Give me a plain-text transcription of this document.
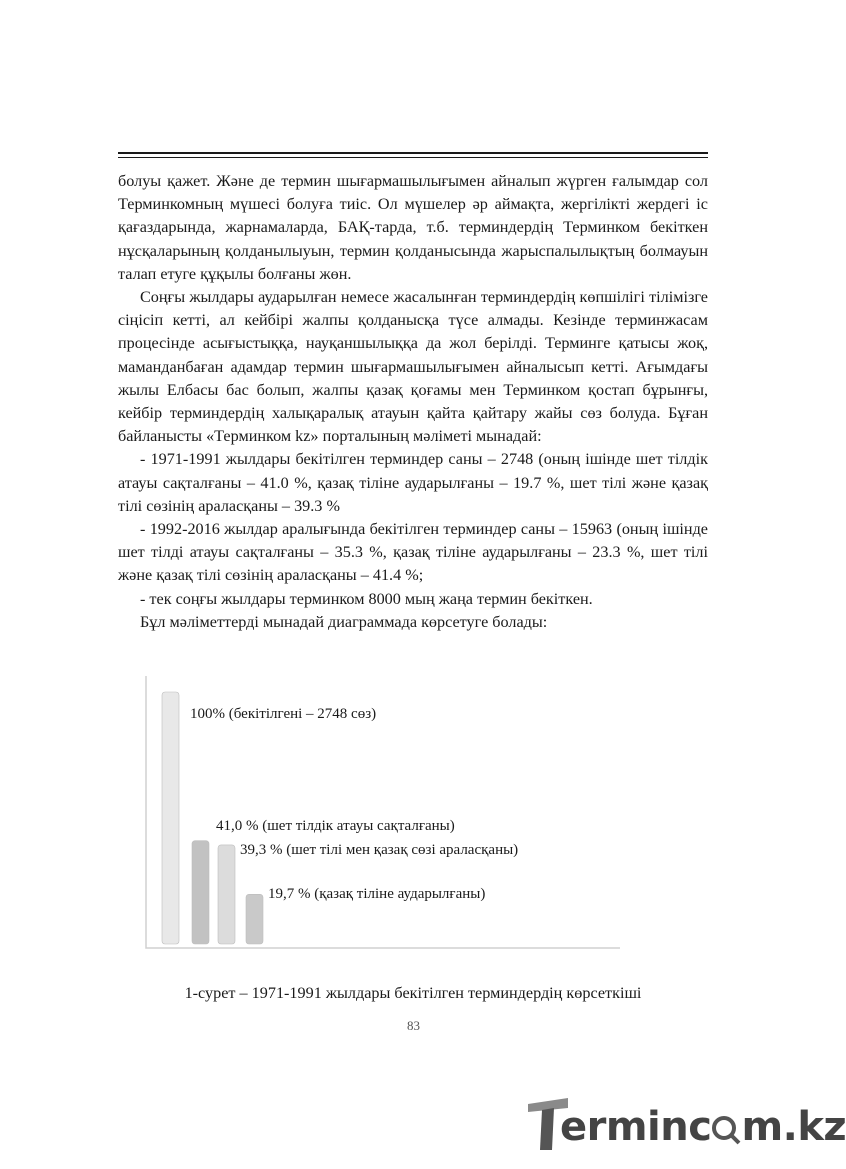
болуы қажет. Және де термин шығармашылығымен айналып жүрген ғалымдар сол Терминкомның мүшесі болуға тиіс. Ол мүшелер әр аймақта, жергілікті жердегі іс қағаздарында, жарнамаларда, БАҚ-тарда, т.б. терминдердің Терминком бекіткен нұсқаларының қолданылыуын, термин қолданысында жарыспалылықтың болмауын талап етуге құқылы болғаны жөн.

Соңғы жылдары аударылған немесе жасалынған терминдердің көпшілігі тілімізге сіңісіп кетті, ал кейбірі жалпы қолданысқа түсе алмады. Кезінде терминжасам процесінде асығыстыққа, науқаншылыққа да жол берілді. Терминге қатысы жоқ, маманданбаған адамдар термин шығармашылығымен айналысып кетті. Ағымдағы жылы Елбасы бас болып, жалпы қазақ қоғамы мен Терминком қостап бұрынғы, кейбір терминдердің халықаралық атауын қайта қайтару жайы сөз болуда. Бұған байланысты «Терминком kz» порталының мәліметі мынадай:

- 1971-1991 жылдары бекітілген терминдер саны – 2748 (оның ішінде шет тілдік атауы сақталғаны – 41.0 %, қазақ тіліне аударылғаны – 19.7 %, шет тілі және қазақ тілі сөзінің араласқаны – 39.3 %

- 1992-2016 жылдар аралығында бекітілген терминдер саны – 15963 (оның ішінде шет тілді атауы сақталғаны – 35.3 %, қазақ тіліне аударылғаны – 23.3 %, шет тілі және қазақ тілі сөзінің араласқаны – 41.4 %;

- тек соңғы жылдары терминком 8000 мың жаңа термин бекіткен.

Бұл мәліметтерді мынадай диаграммада көрсетуге болады:

100% (бекітілгені – 2748 сөз)
41,0 % (шет тілдік атауы сақталғаны)
39,3 % (шет тілі мен қазақ сөзі араласқаны)
19,7 % (қазақ тіліне аударылғаны)
1-сурет – 1971-1991 жылдары бекітілген терминдердің көрсеткіші
83
erminc m.kz
